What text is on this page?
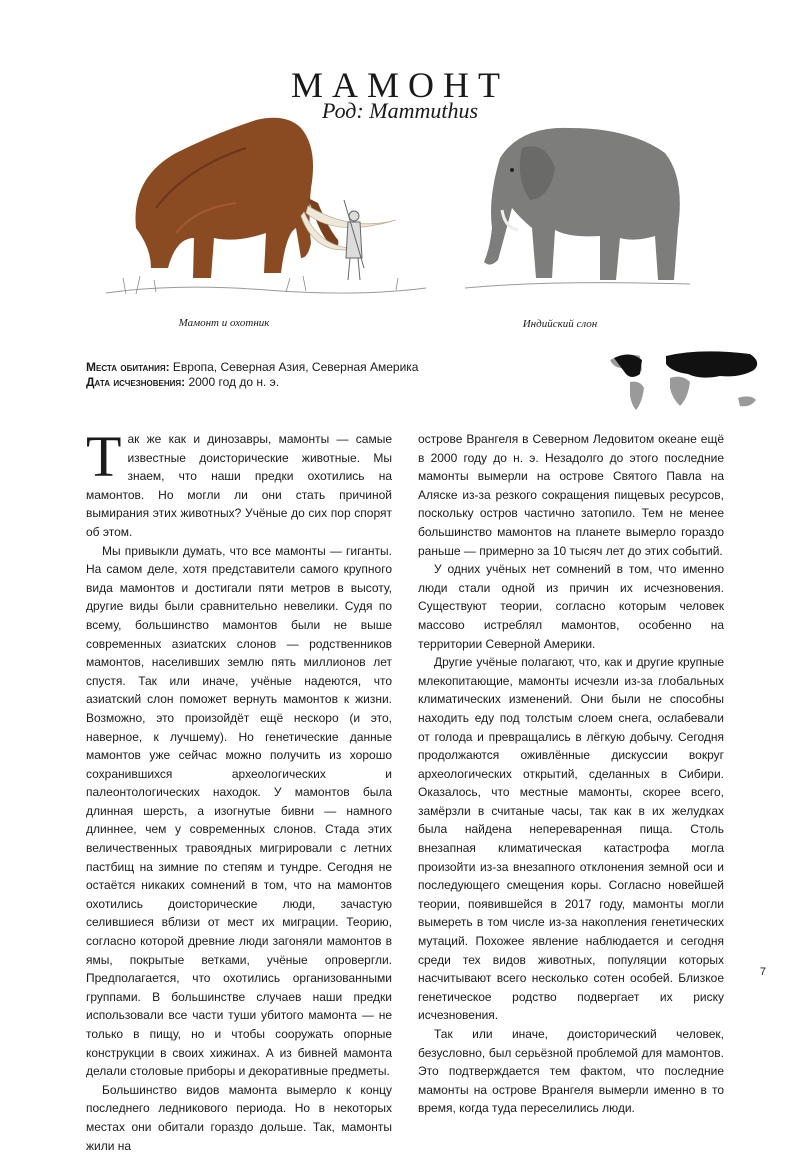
МАМОНТ
Род: Mammuthus
Мамонт и охотник	Индийский слон
Места обитания: Европа, Северная Азия, Северная Америка
Дата исчезновения: 2000 год до н. э.

Так же как и динозавры, мамонты — самые известные доисторические животные. Мы знаем, что наши предки охотились на мамонтов. Но могли ли они стать причиной вымирания этих животных? Учёные до сих пор спорят об этом.

Мы привыкли думать, что все мамонты — гиганты. На самом деле, хотя представители самого крупного вида мамонтов и достигали пяти метров в высоту, другие виды были сравнительно невелики. Судя по всему, большинство мамонтов были не выше современных азиатских слонов — родственников мамонтов, населивших землю пять миллионов лет спустя. Так или иначе, учёные надеются, что азиатский слон поможет вернуть мамонтов к жизни. Возможно, это произойдёт ещё нескоро (и это, наверное, к лучшему). Но генетические данные мамонтов уже сейчас можно получить из хорошо сохранившихся археологических и палеонтологических находок. У мамонтов была длинная шерсть, а изогнутые бивни — намного длиннее, чем у современных слонов. Стада этих величественных травоядных мигрировали с летних пастбищ на зимние по степям и тундре. Сегодня не остаётся никаких сомнений в том, что на мамонтов охотились доисторические люди, зачастую селившиеся вблизи от мест их миграции. Теорию, согласно которой древние люди загоняли мамонтов в ямы, покрытые ветками, учёные опровергли. Предполагается, что охотились организованными группами. В большинстве случаев наши предки использовали все части туши убитого мамонта — не только в пищу, но и чтобы сооружать опорные конструкции в своих хижинах. А из бивней мамонта делали столовые приборы и декоративные предметы.

Большинство видов мамонта вымерло к концу последнего ледникового периода. Но в некоторых местах они обитали гораздо дольше. Так, мамонты жили на

острове Врангеля в Северном Ледовитом океане ещё в 2000 году до н. э. Незадолго до этого последние мамонты вымерли на острове Святого Павла на Аляске из-за резкого сокращения пищевых ресурсов, поскольку остров частично затопило. Тем не менее большинство мамонтов на планете вымерло гораздо раньше — примерно за 10 тысяч лет до этих событий.

У одних учёных нет сомнений в том, что именно люди стали одной из причин их исчезновения. Существуют теории, согласно которым человек массово истреблял мамонтов, особенно на территории Северной Америки.

Другие учёные полагают, что, как и другие крупные млекопитающие, мамонты исчезли из-за глобальных климатических изменений. Они были не способны находить еду под толстым слоем снега, ослабевали от голода и превращались в лёгкую добычу. Сегодня продолжаются оживлённые дискуссии вокруг археологических открытий, сделанных в Сибири. Оказалось, что местные мамонты, скорее всего, замёрзли в считаные часы, так как в их желудках была найдена непереваренная пища. Столь внезапная климатическая катастрофа могла произойти из-за внезапного отклонения земной оси и последующего смещения коры. Согласно новейшей теории, появившейся в 2017 году, мамонты могли вымереть в том числе из-за накопления генетических мутаций. Похожее явление наблюдается и сегодня среди тех видов животных, популяции которых насчитывают всего несколько сотен особей. Близкое генетическое родство подвергает их риску исчезновения.

Так или иначе, доисторический человек, безусловно, был серьёзной проблемой для мамонтов. Это подтверждается тем фактом, что последние мамонты на острове Врангеля вымерли именно в то время, когда туда переселились люди.

7
